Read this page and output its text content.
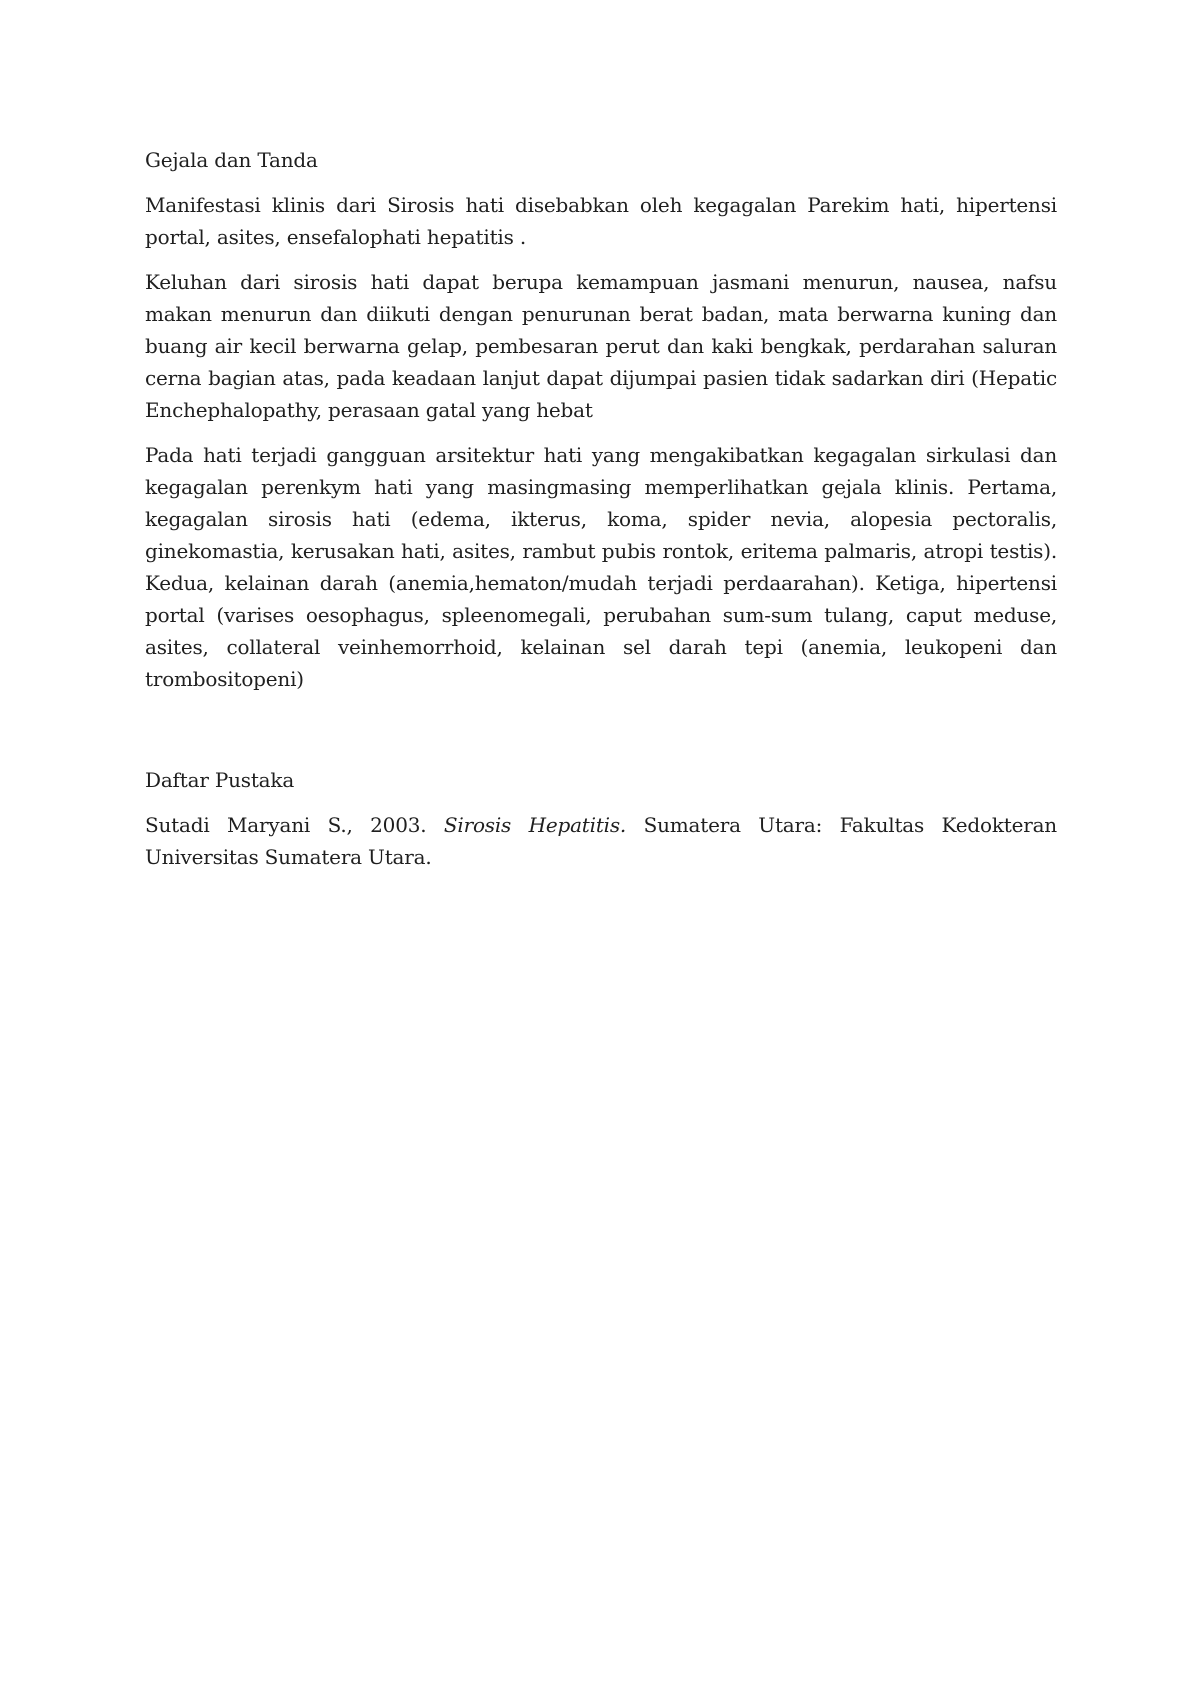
Gejala dan Tanda

Manifestasi klinis dari Sirosis hati disebabkan oleh kegagalan Parekim hati, hipertensi portal, asites, ensefalophati hepatitis .

Keluhan dari sirosis hati dapat berupa kemampuan jasmani menurun, nausea, nafsu makan menurun dan diikuti dengan penurunan berat badan, mata berwarna kuning dan buang air kecil berwarna gelap, pembesaran perut dan kaki bengkak, perdarahan saluran cerna bagian atas, pada keadaan lanjut dapat dijumpai pasien tidak sadarkan diri (Hepatic Enchephalopathy, perasaan gatal yang hebat

Pada hati terjadi gangguan arsitektur hati yang mengakibatkan kegagalan sirkulasi dan kegagalan perenkym hati yang masingmasing memperlihatkan gejala klinis. Pertama, kegagalan sirosis hati (edema, ikterus, koma, spider nevia, alopesia pectoralis, ginekomastia, kerusakan hati, asites, rambut pubis rontok, eritema palmaris, atropi testis). Kedua, kelainan darah (anemia,hematon/mudah terjadi perdaarahan). Ketiga, hipertensi portal (varises oesophagus, spleenomegali, perubahan sum-sum tulang, caput meduse, asites, collateral veinhemorrhoid, kelainan sel darah tepi (anemia, leukopeni dan trombositopeni)

Daftar Pustaka

Sutadi Maryani S., 2003. Sirosis Hepatitis. Sumatera Utara: Fakultas Kedokteran Universitas Sumatera Utara.
